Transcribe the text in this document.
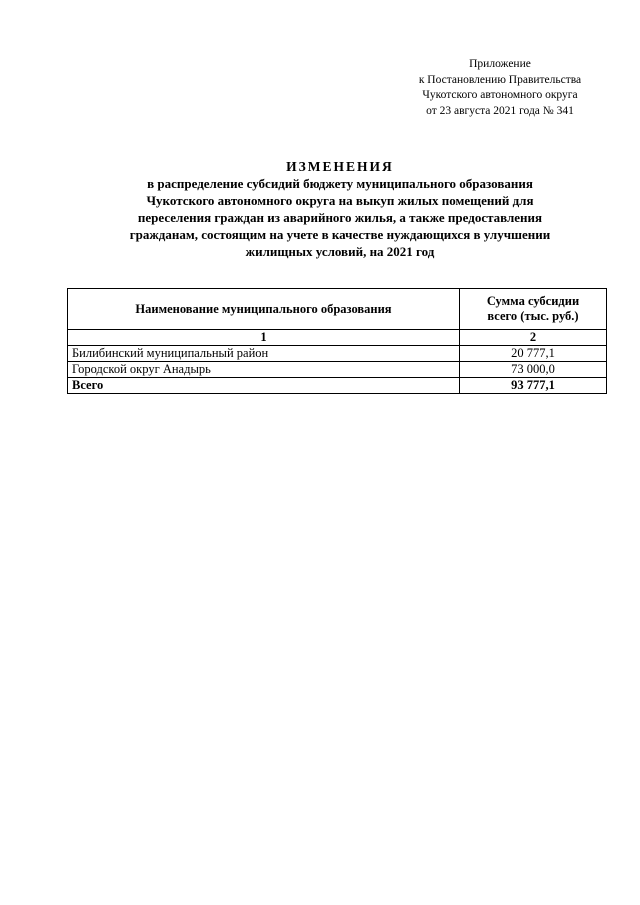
Приложение
к Постановлению Правительства
Чукотского автономного округа
от 23 августа 2021 года № 341
ИЗМЕНЕНИЯ
в распределение субсидий бюджету муниципального образования
Чукотского автономного округа на выкуп жилых помещений для
переселения граждан из аварийного жилья, а также предоставления
гражданам, состоящим на учете в качестве нуждающихся в улучшении
жилищных условий, на 2021 год
Наименование муниципального образования	Сумма субсидии
всего (тыс. руб.)

1	2
Билибинский муниципальный район	20 777,1
Городской округ Анадырь	73 000,0
Всего	93 777,1
